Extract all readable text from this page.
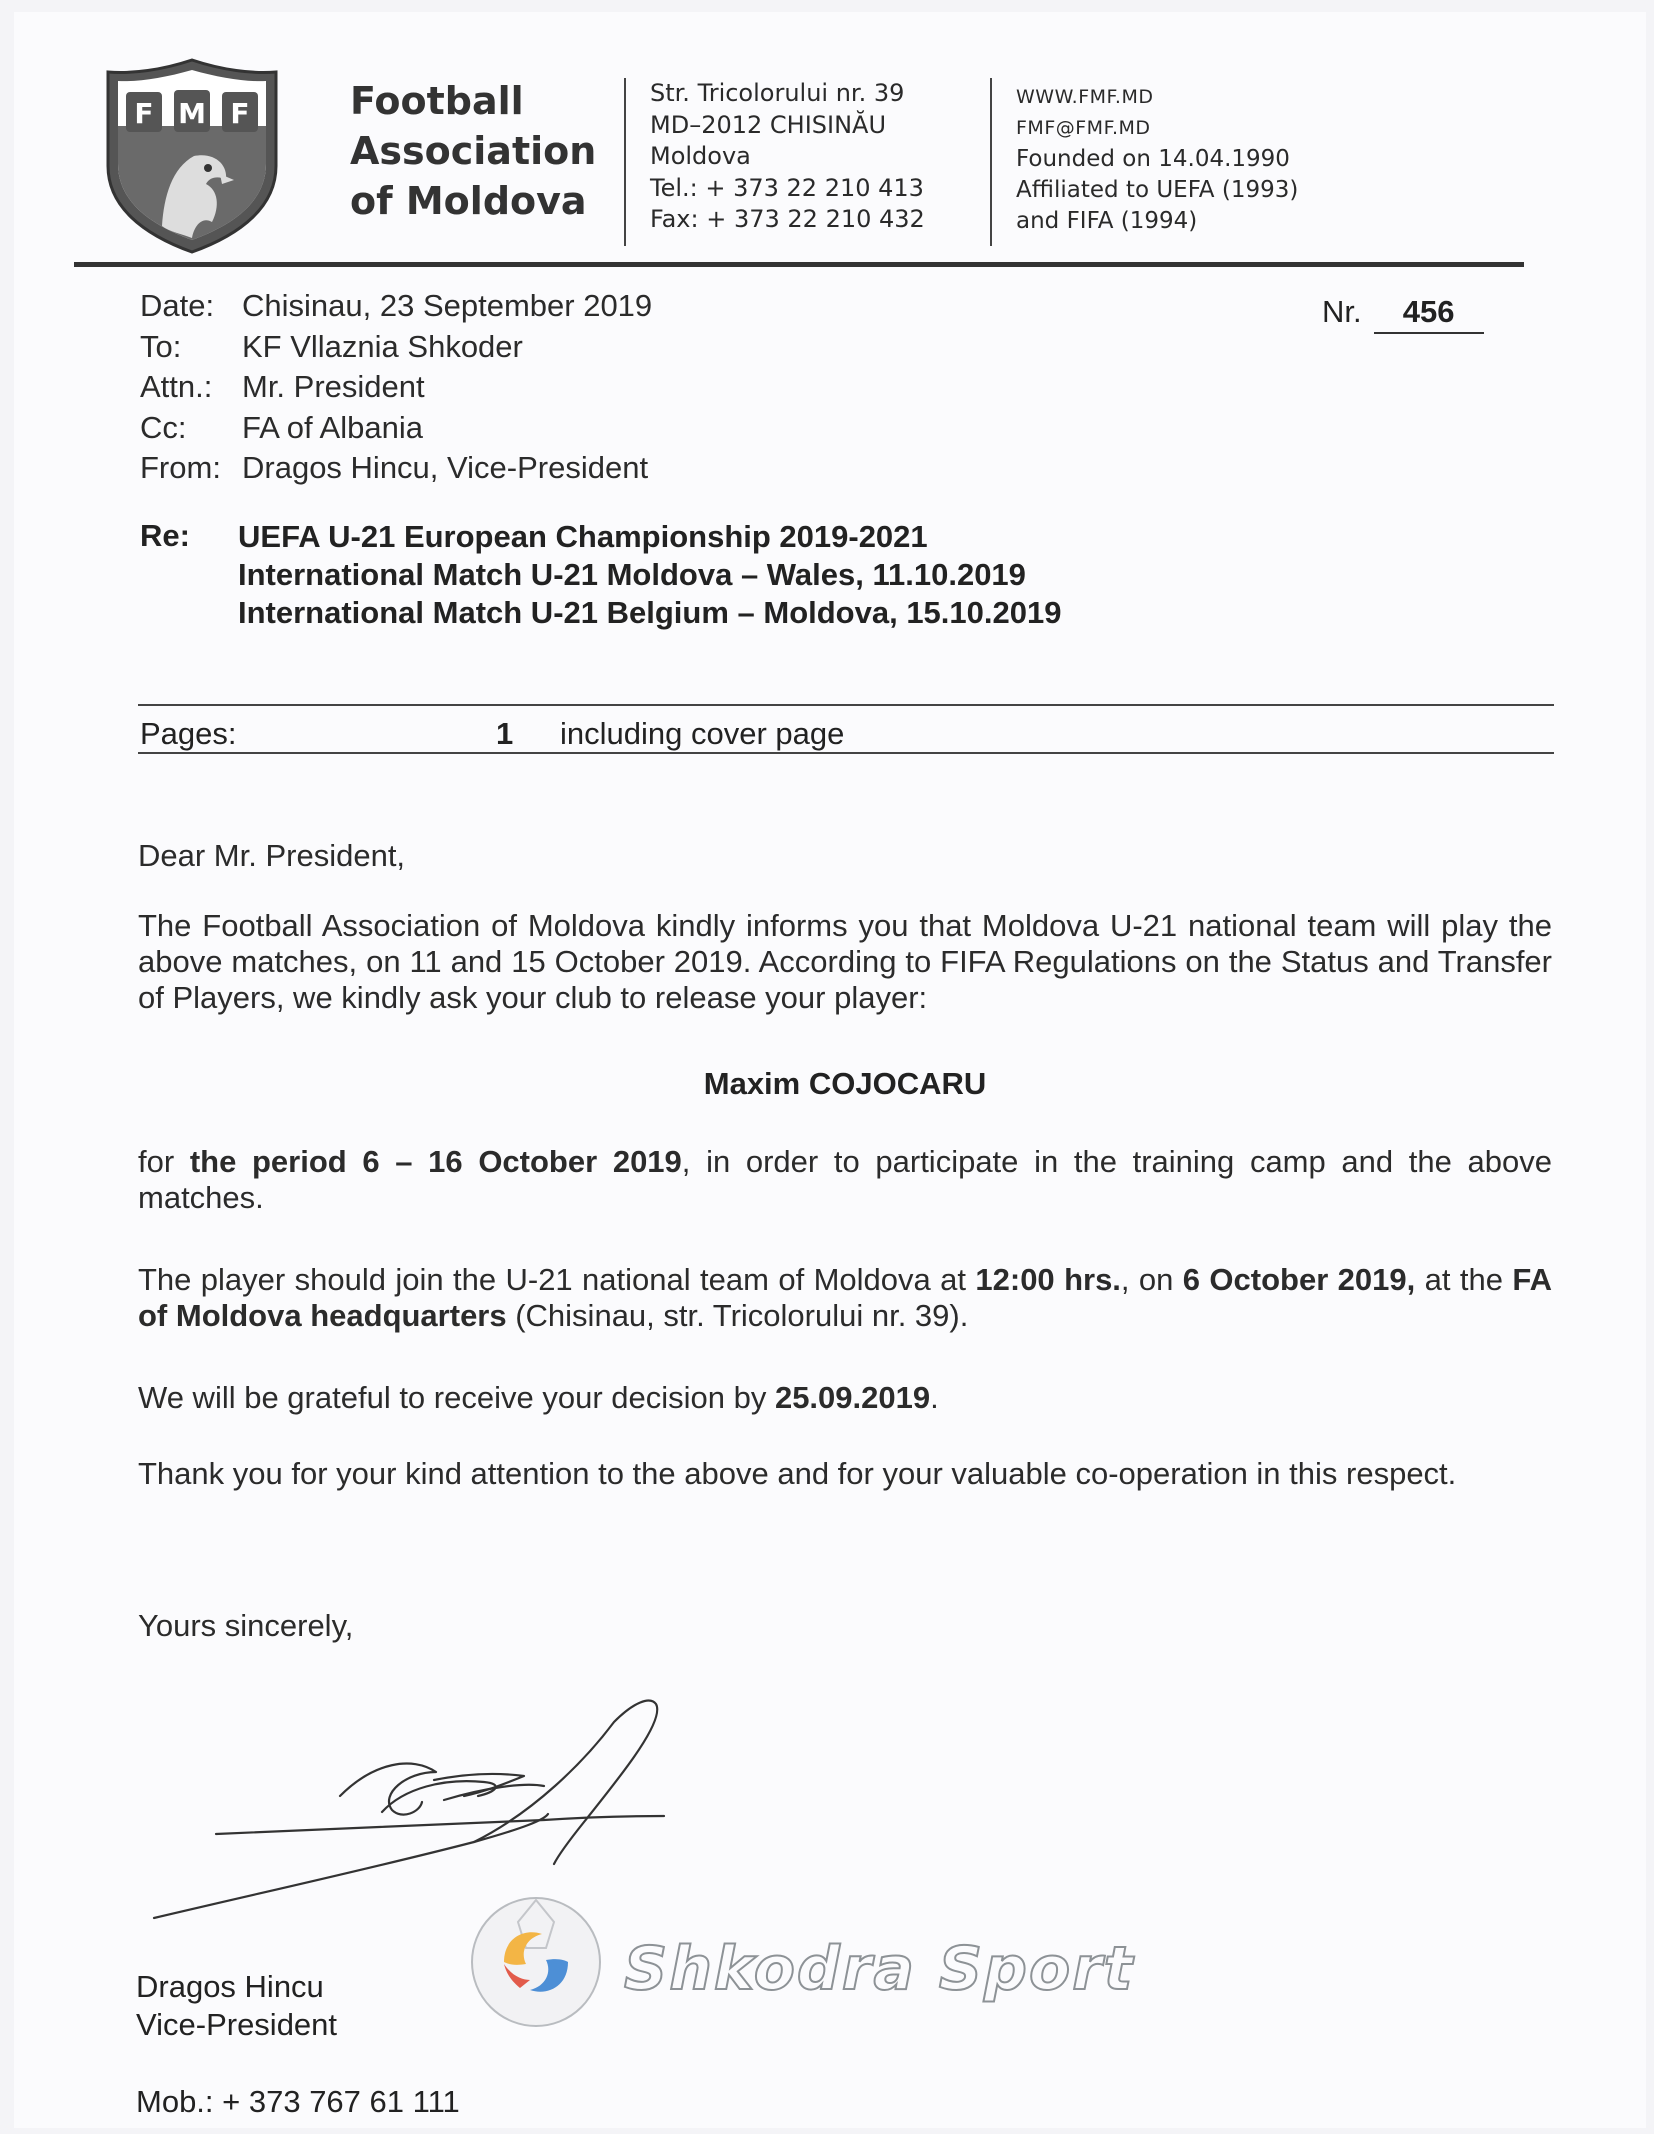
F M F	Football
Association
of Moldova
Str. Tricolorului nr. 39
MD–2012 CHISINĂU
Moldova
Tel.: + 373 22 210 413
Fax: + 373 22 210 432
WWW.FMF.MD
FMF@FMF.MD
Founded on 14.04.1990
Affiliated to UEFA (1993)
and FIFA (1994)
Date: Chisinau, 23 September 2019
To:	KF Vllaznia Shkoder
Attn.: Mr. President
Cc:	FA of Albania
From: Dragos Hincu, Vice-President
Nr. 456
Re: UEFA U-21 European Championship 2019-2021
International Match U-21 Moldova – Wales, 11.10.2019
International Match U-21 Belgium – Moldova, 15.10.2019
Pages:	1 including cover page
Dear Mr. President,
The Football Association of Moldova kindly informs you that Moldova U-21 national team will play the above matches, on 11 and 15 October 2019. According to FIFA Regulations on the Status and Transfer of Players, we kindly ask your club to release your player:
Maxim COJOCARU
for the period 6 – 16 October 2019, in order to participate in the training camp and the above matches.
The player should join the U-21 national team of Moldova at 12:00 hrs., on 6 October 2019, at the FA of Moldova headquarters (Chisinau, str. Tricolorului nr. 39).
We will be grateful to receive your decision by 25.09.2019.
Thank you for your kind attention to the above and for your valuable co-operation in this respect.
Yours sincerely,
Shkodra Sport
Dragos Hincu
Vice-President
Mob.: + 373 767 61 111
